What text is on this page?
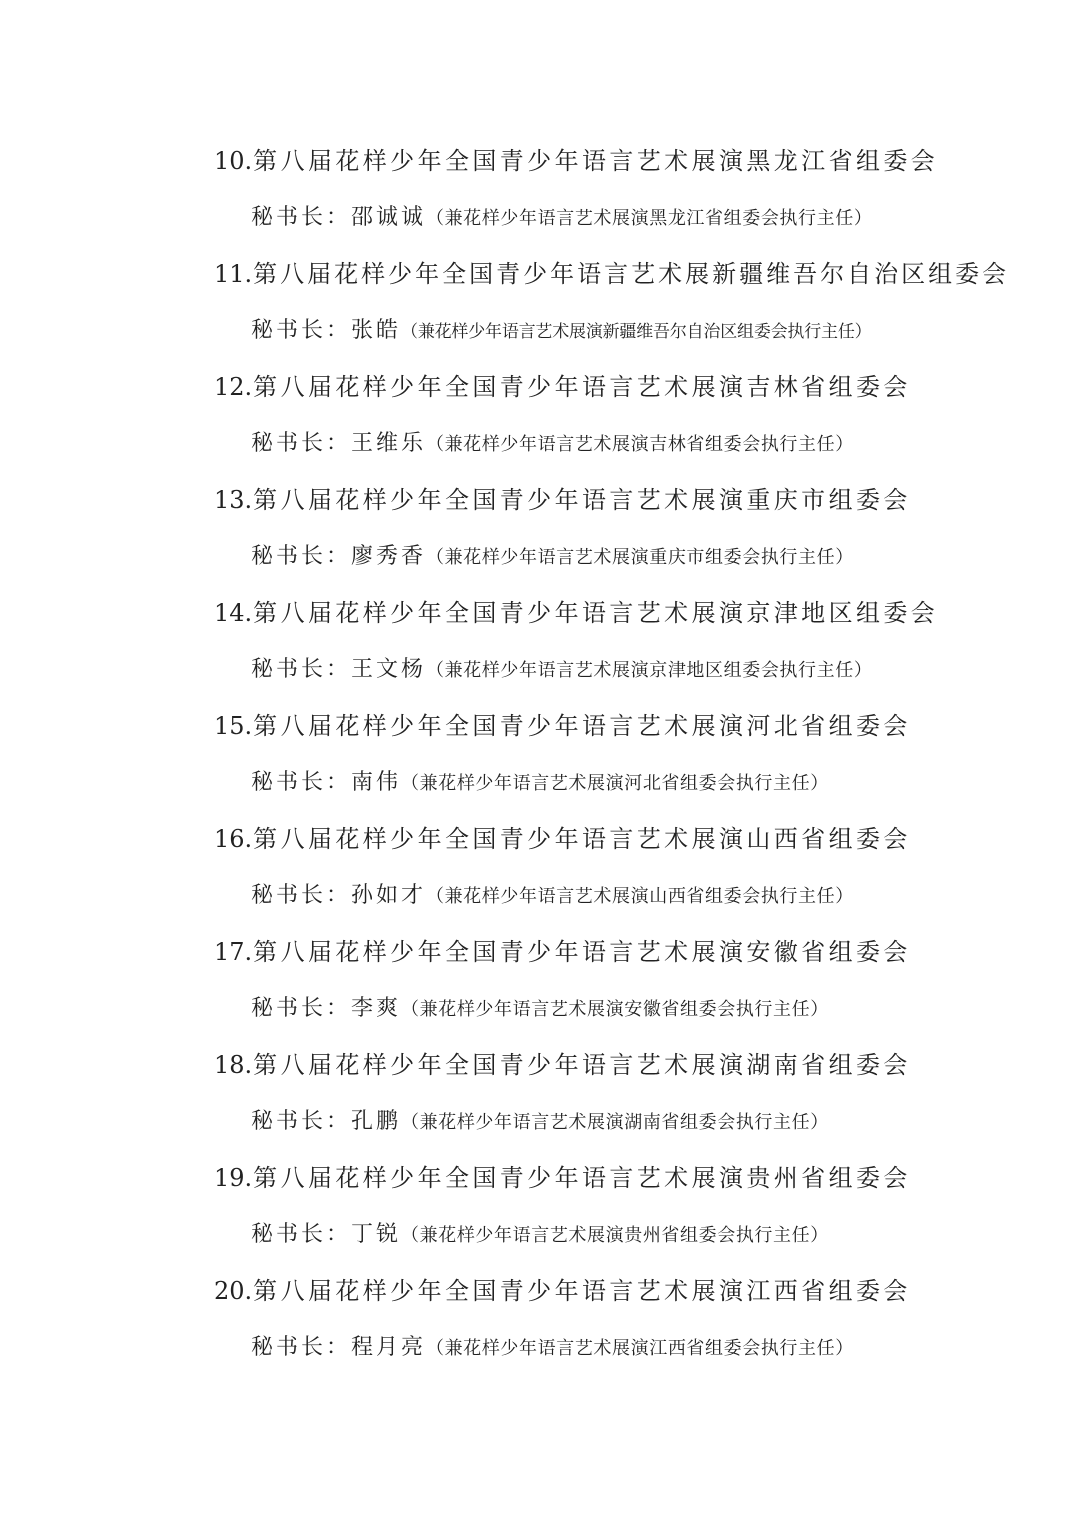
10.第八届花样少年全国青少年语言艺术展演黑龙江省组委会
秘书长：邵诚诚（兼花样少年语言艺术展演黑龙江省组委会执行主任）
11.第八届花样少年全国青少年语言艺术展新疆维吾尔自治区组委会
秘书长：张皓（兼花样少年语言艺术展演新疆维吾尔自治区组委会执行主任）
12.第八届花样少年全国青少年语言艺术展演吉林省组委会
秘书长：王维乐（兼花样少年语言艺术展演吉林省组委会执行主任）
13.第八届花样少年全国青少年语言艺术展演重庆市组委会
秘书长：廖秀香（兼花样少年语言艺术展演重庆市组委会执行主任）
14.第八届花样少年全国青少年语言艺术展演京津地区组委会
秘书长：王文杨（兼花样少年语言艺术展演京津地区组委会执行主任）
15.第八届花样少年全国青少年语言艺术展演河北省组委会
秘书长：南伟（兼花样少年语言艺术展演河北省组委会执行主任）
16.第八届花样少年全国青少年语言艺术展演山西省组委会
秘书长：孙如才（兼花样少年语言艺术展演山西省组委会执行主任）
17.第八届花样少年全国青少年语言艺术展演安徽省组委会
秘书长：李爽（兼花样少年语言艺术展演安徽省组委会执行主任）
18.第八届花样少年全国青少年语言艺术展演湖南省组委会
秘书长：孔鹏（兼花样少年语言艺术展演湖南省组委会执行主任）
19.第八届花样少年全国青少年语言艺术展演贵州省组委会
秘书长：丁锐（兼花样少年语言艺术展演贵州省组委会执行主任）
20.第八届花样少年全国青少年语言艺术展演江西省组委会
秘书长：程月亮（兼花样少年语言艺术展演江西省组委会执行主任）
